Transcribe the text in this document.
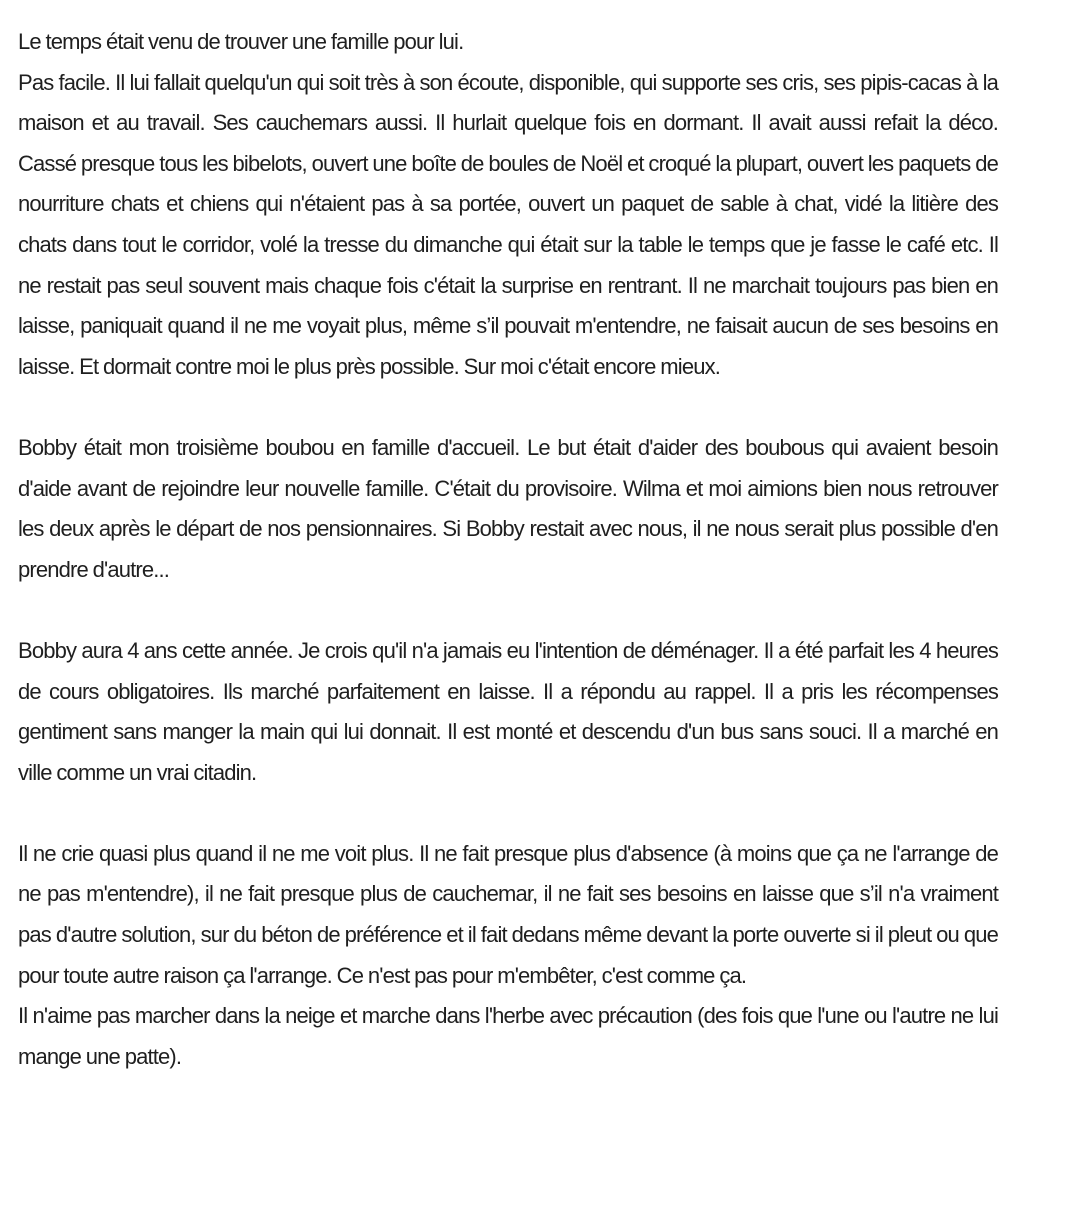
Le temps était venu de trouver une famille pour lui.

Pas facile. Il lui fallait quelqu'un qui soit très à son écoute, disponible, qui supporte ses cris, ses pipis-cacas à la maison et au travail. Ses cauchemars aussi. Il hurlait quelque fois en dormant. Il avait aussi refait la déco. Cassé presque tous les bibelots, ouvert une boîte de boules de Noël et croqué la plupart, ouvert les paquets de nourriture chats et chiens qui n'étaient pas à sa portée, ouvert un paquet de sable à chat, vidé la litière des chats dans tout le corridor, volé la tresse du dimanche qui était sur la table le temps que je fasse le café etc. Il ne restait pas seul souvent mais chaque fois c'était la surprise en rentrant. Il ne marchait toujours pas bien en laisse, paniquait quand il ne me voyait plus, même s’il pouvait m'entendre, ne faisait aucun de ses besoins en laisse. Et dormait contre moi le plus près possible. Sur moi c'était encore mieux.

Bobby était mon troisième boubou en famille d'accueil. Le but était d'aider des boubous qui avaient besoin d'aide avant de rejoindre leur nouvelle famille. C'était du provisoire. Wilma et moi aimions bien nous retrouver les deux après le départ de nos pensionnaires. Si Bobby restait avec nous, il ne nous serait plus possible d'en prendre d'autre...

Bobby aura 4 ans cette année. Je crois qu'il n'a jamais eu l'intention de déménager. Il a été parfait les 4 heures de cours obligatoires. Ils marché parfaitement en laisse. Il a répondu au rappel. Il a pris les récompenses gentiment sans manger la main qui lui donnait. Il est monté et descendu d'un bus sans souci. Il a marché en ville comme un vrai citadin.

Il ne crie quasi plus quand il ne me voit plus. Il ne fait presque plus d'absence (à moins que ça ne l'arrange de ne pas m'entendre), il ne fait presque plus de cauchemar, il ne fait ses besoins en laisse que s’il n'a vraiment pas d'autre solution, sur du béton de préférence et il fait dedans même devant la porte ouverte si il pleut ou que pour toute autre raison ça l'arrange. Ce n'est pas pour m'embêter, c'est comme ça.

Il n'aime pas marcher dans la neige et marche dans l'herbe avec précaution (des fois que l'une ou l'autre ne lui mange une patte).
